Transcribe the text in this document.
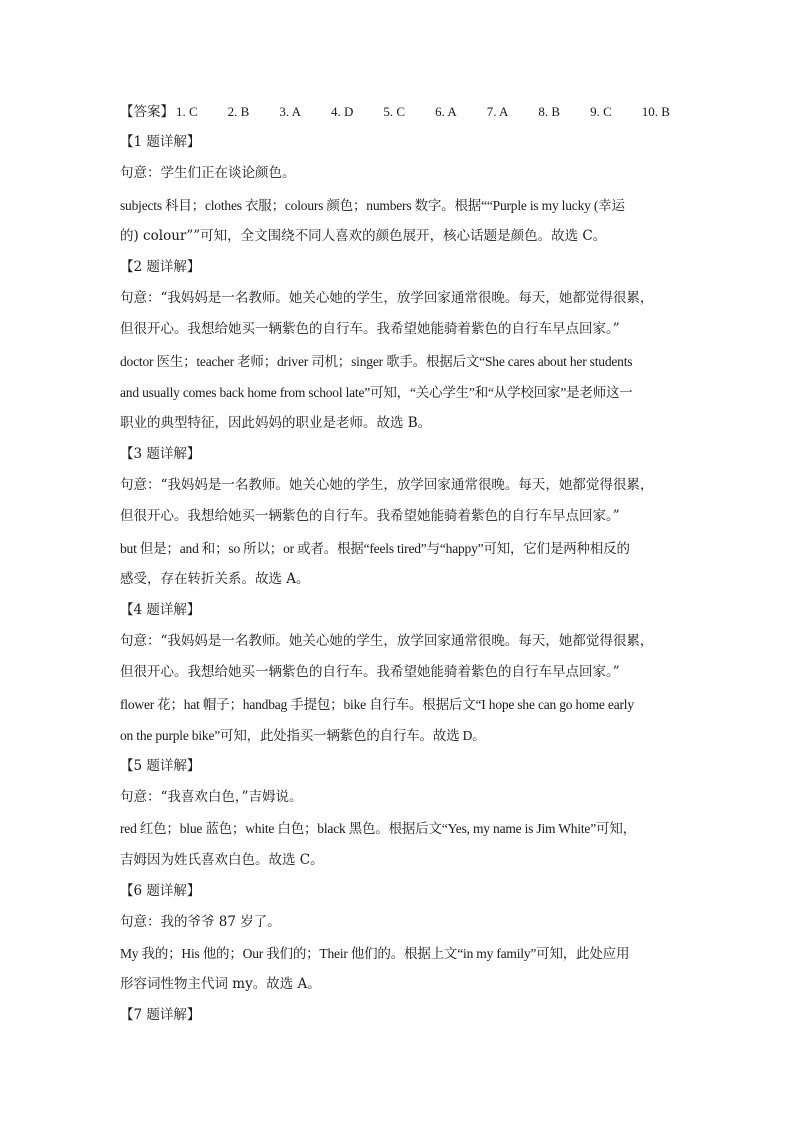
【答案】 1. C 2. B 3. A 4. D 5. C 6. A 7. A 8. B 9. C 10. B
【1 题详解】
句意：学生们正在谈论颜色。
subjects 科目；clothes 衣服；colours 颜色；numbers 数字。根据““Purple is my lucky (幸运
的) colour””可知，全文围绕不同人喜欢的颜色展开，核心话题是颜色。故选 C。
【2 题详解】
句意：“我妈妈是一名教师。她关心她的学生，放学回家通常很晚。每天，她都觉得很累，
但很开心。我想给她买一辆紫色的自行车。我希望她能骑着紫色的自行车早点回家。”
doctor 医生；teacher 老师；driver 司机；singer 歌手。根据后文“She cares about her students
and usually comes back home from school late”可知，“关心学生”和“从学校回家”是老师这一
职业的典型特征，因此妈妈的职业是老师。故选 B。
【3 题详解】
句意：“我妈妈是一名教师。她关心她的学生，放学回家通常很晚。每天，她都觉得很累，
但很开心。我想给她买一辆紫色的自行车。我希望她能骑着紫色的自行车早点回家。”
but 但是；and 和；so 所以；or 或者。根据“feels tired”与“happy”可知，它们是两种相反的
感受，存在转折关系。故选 A。
【4 题详解】
句意：“我妈妈是一名教师。她关心她的学生，放学回家通常很晚。每天，她都觉得很累，
但很开心。我想给她买一辆紫色的自行车。我希望她能骑着紫色的自行车早点回家。”
flower 花；hat 帽子；handbag 手提包；bike 自行车。根据后文“I hope she can go home early
on the purple bike”可知，此处指买一辆紫色的自行车。故选 D。
【5 题详解】
句意：“我喜欢白色，”吉姆说。
red 红色；blue 蓝色；white 白色；black 黑色。根据后文“Yes, my name is Jim White”可知，
吉姆因为姓氏喜欢白色。故选 C。
【6 题详解】
句意：我的爷爷 87 岁了。
My 我的；His 他的；Our 我们的；Their 他们的。根据上文“in my family”可知，此处应用
形容词性物主代词 my。故选 A。
【7 题详解】
